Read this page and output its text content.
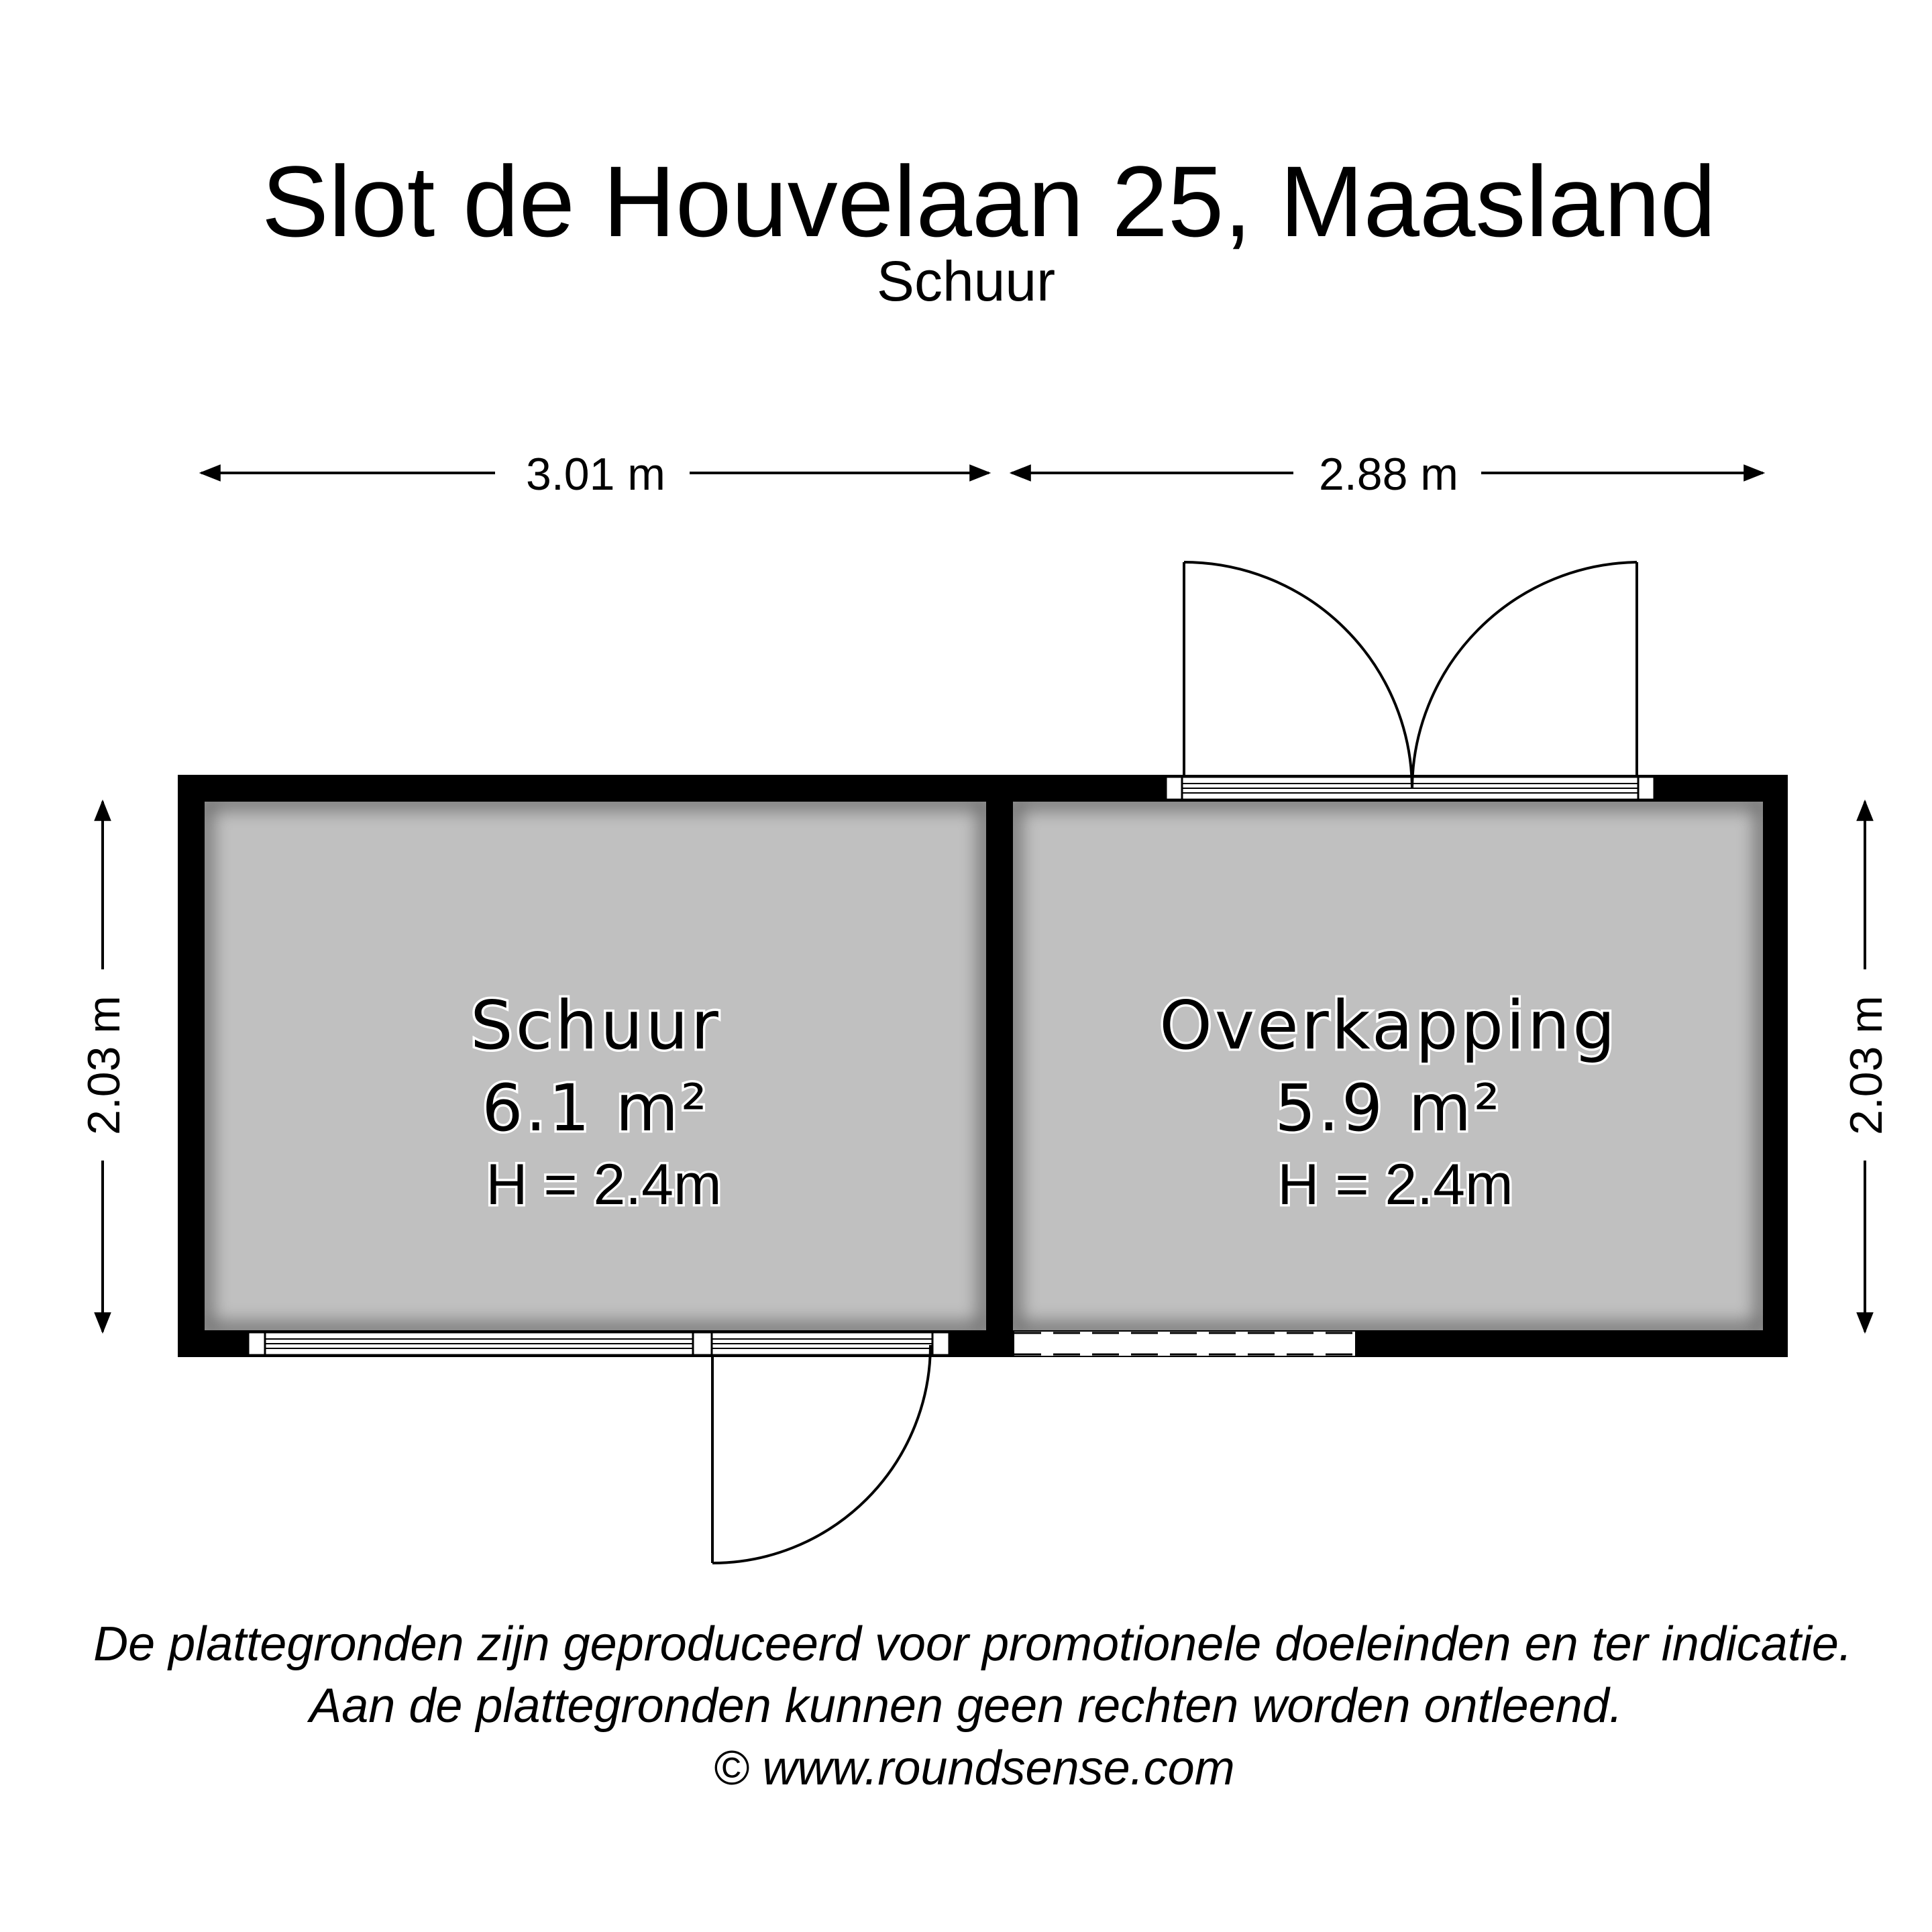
Slot de Houvelaan 25, Maasland
Schuur
3.01 m	2.88 m
2.03 m	2.03 m
Schuur
6.1 m²
H = 2.4m
Overkapping
5.9 m²
H = 2.4m
De plattegronden zijn geproduceerd voor promotionele doeleinden en ter indicatie.
Aan de plattegronden kunnen geen rechten worden ontleend.
© www.roundsense.com
